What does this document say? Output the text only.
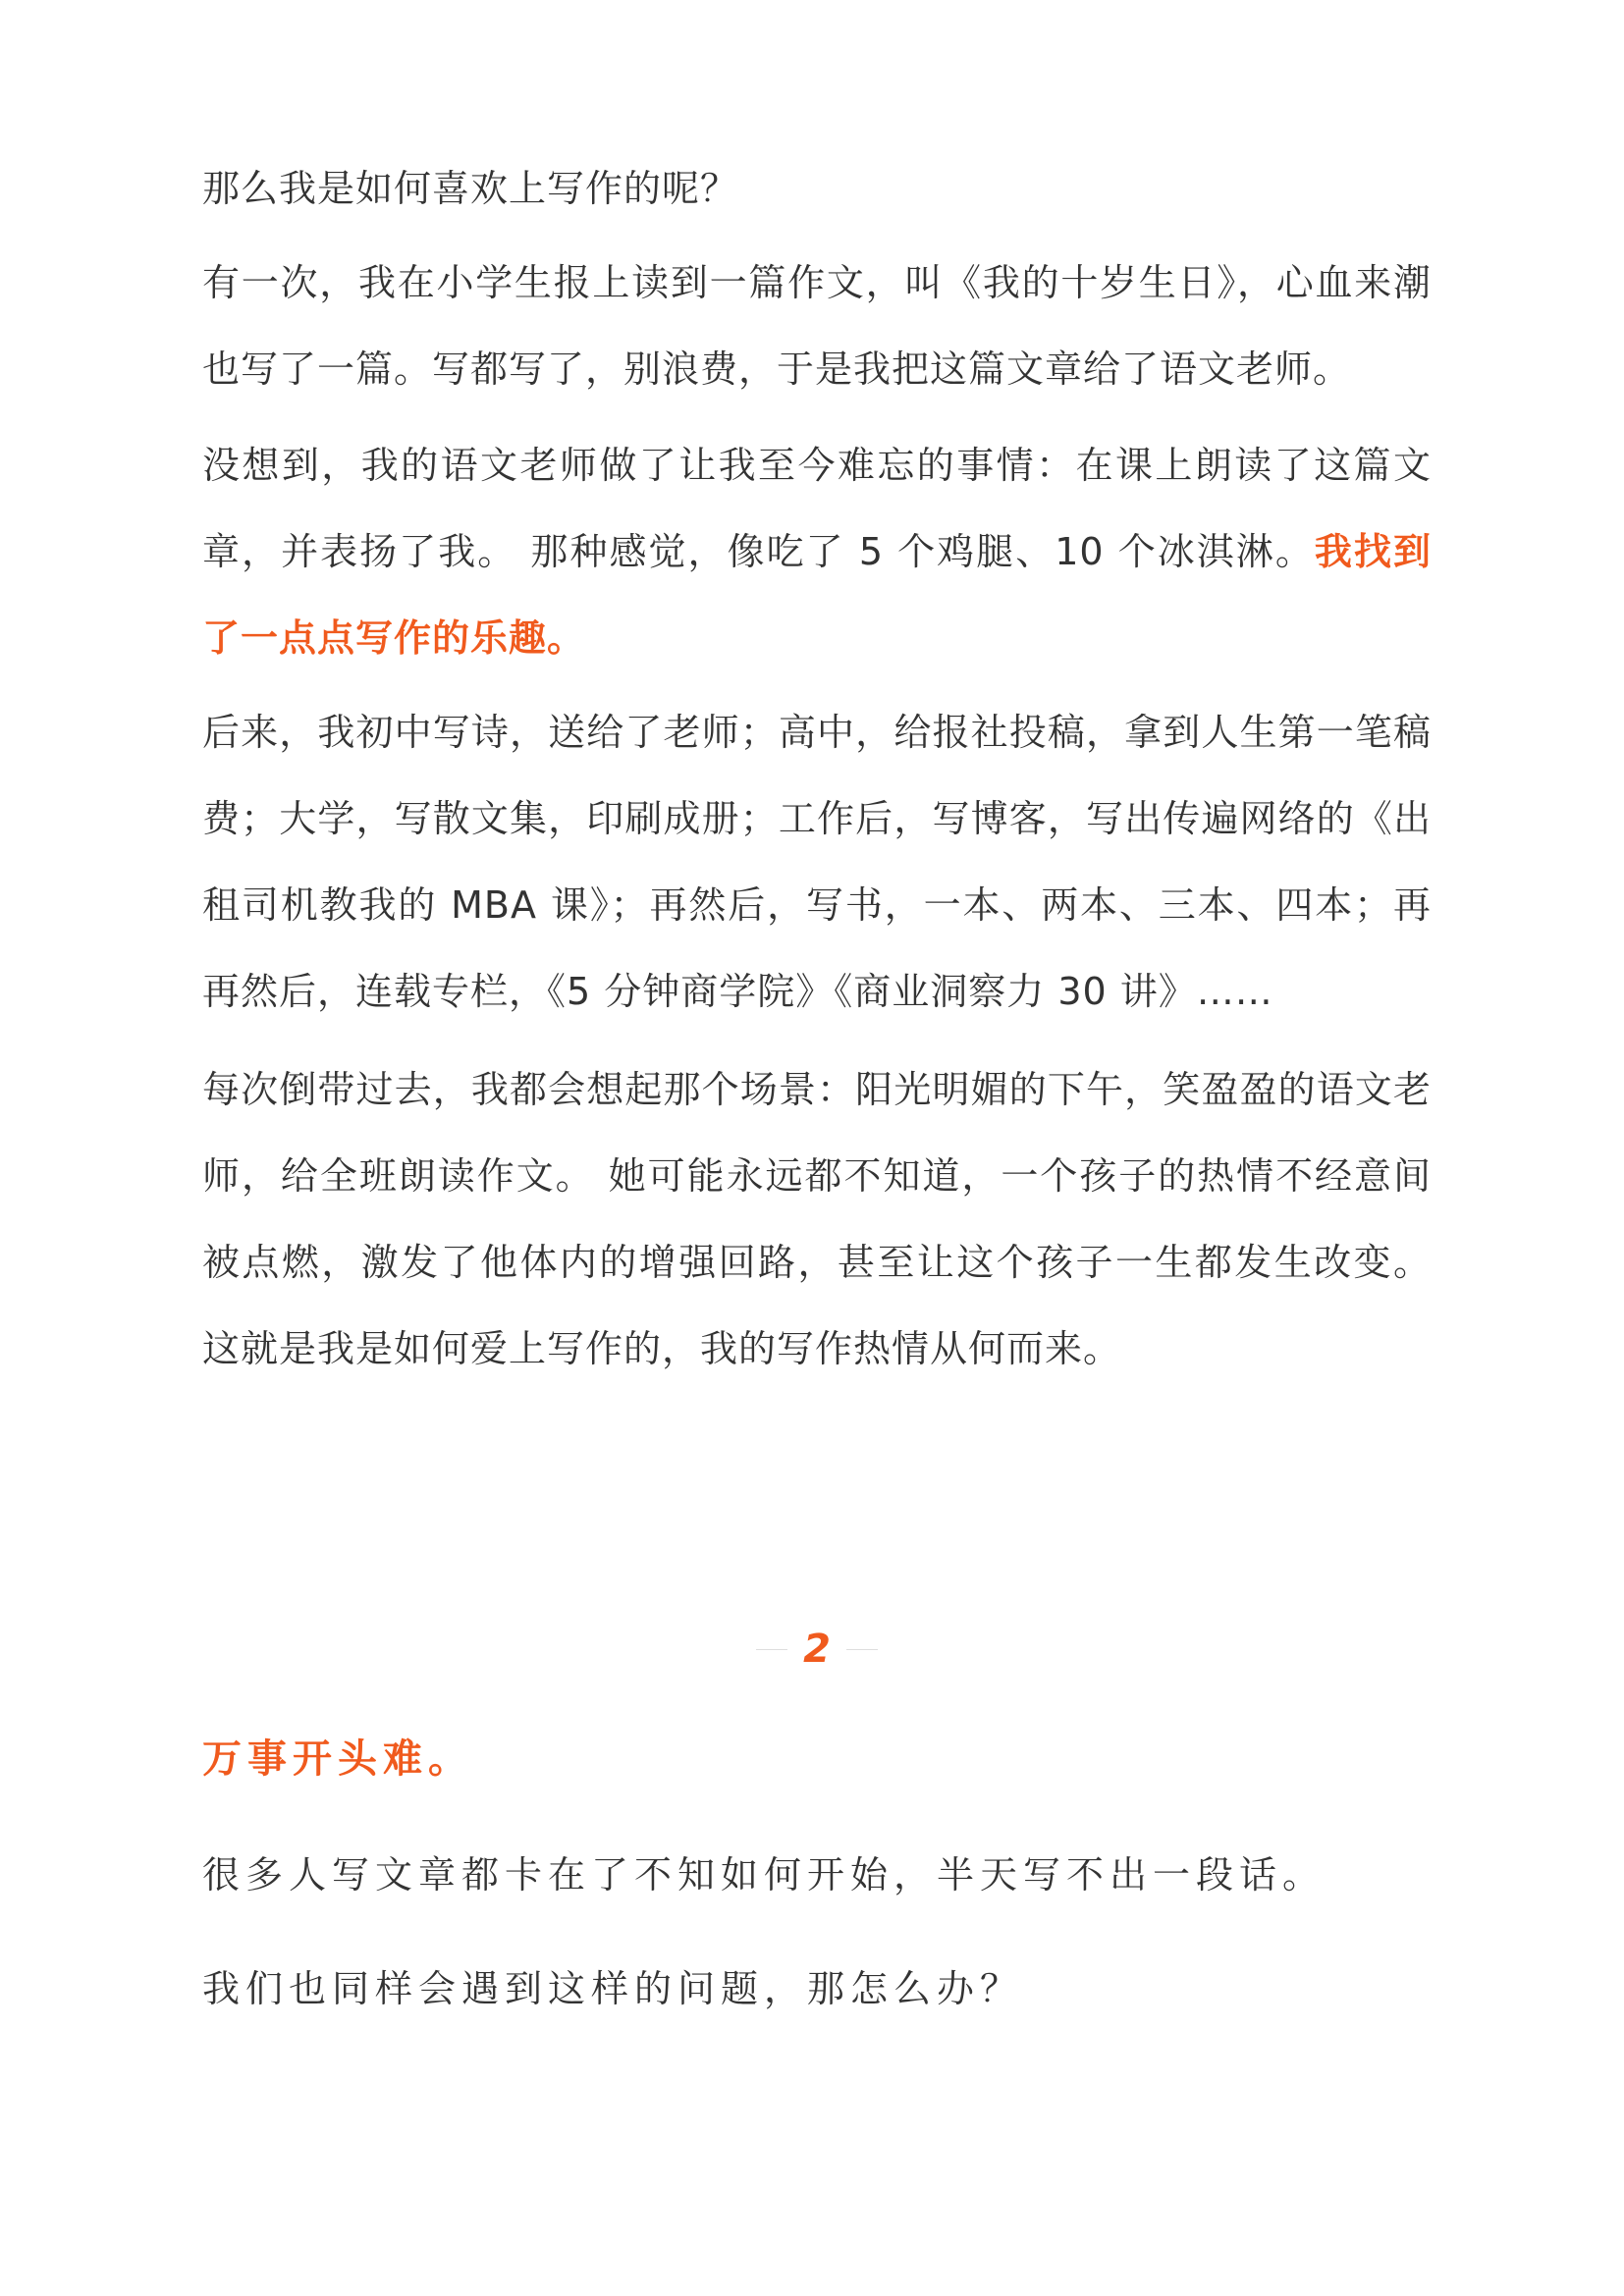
那么我是如何喜欢上写作的呢？

有一次，我在小学生报上读到一篇作文，叫《我的十岁生日》，心血来潮也写了一篇。写都写了，别浪费，于是我把这篇文章给了语文老师。

没想到，我的语文老师做了让我至今难忘的事情：在课上朗读了这篇文章，并表扬了我。 那种感觉，像吃了 5 个鸡腿、10 个冰淇淋。我找到了一点点写作的乐趣。

后来，我初中写诗，送给了老师；高中，给报社投稿，拿到人生第一笔稿费；大学，写散文集，印刷成册；工作后，写博客，写出传遍网络的《出租司机教我的 MBA 课》；再然后，写书，一本、两本、三本、四本；再再然后，连载专栏，《5 分钟商学院》《商业洞察力 30 讲》……

每次倒带过去，我都会想起那个场景：阳光明媚的下午，笑盈盈的语文老师，给全班朗读作文。 她可能永远都不知道，一个孩子的热情不经意间被点燃，激发了他体内的增强回路，甚至让这个孩子一生都发生改变。 这就是我是如何爱上写作的，我的写作热情从何而来。

2
万事开头难。

很多人写文章都卡在了不知如何开始，半天写不出一段话。

我们也同样会遇到这样的问题，那怎么办？
